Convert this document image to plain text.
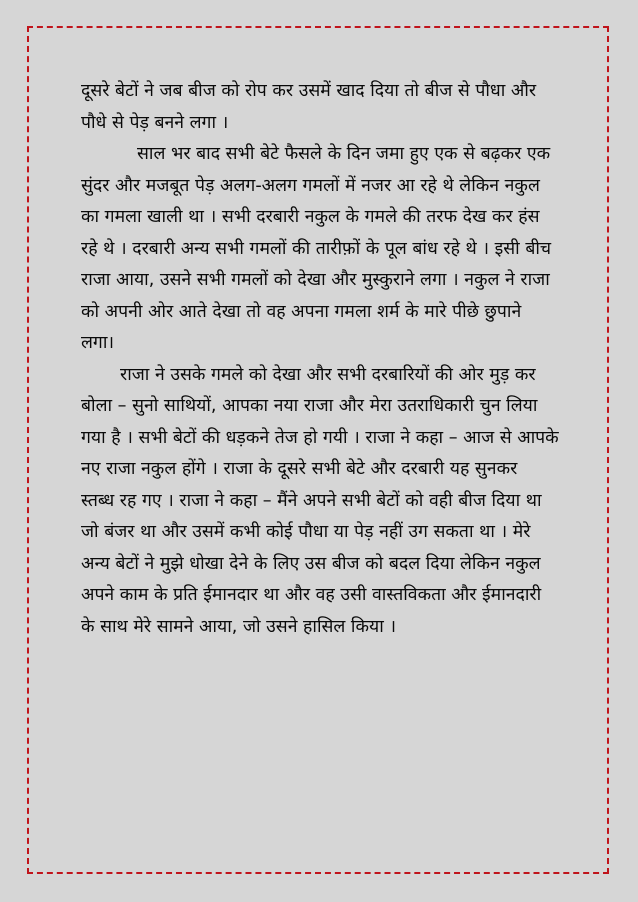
दूसरे बेटों ने जब बीज को रोप कर उसमें खाद दिया तो बीज से पौधा और

पौधे से पेड़ बनने लगा ।

साल भर बाद सभी बेटे फैसले के दिन जमा हुए एक से बढ़कर एक

सुंदर और मजबूत पेड़ अलग-अलग गमलों में नजर आ रहे थे लेकिन नकुल

का गमला खाली था । सभी दरबारी नकुल के गमले की तरफ देख कर हंस

रहे थे । दरबारी अन्य सभी गमलों की तारीफ़ों के पूल बांध रहे थे । इसी बीच

राजा आया, उसने सभी गमलों को देखा और मुस्कुराने लगा । नकुल ने राजा

को अपनी ओर आते देखा तो वह अपना गमला शर्म के मारे पीछे छुपाने

लगा।

राजा ने उसके गमले को देखा और सभी दरबारियों की ओर मुड़ कर

बोला – सुनो साथियों, आपका नया राजा और मेरा उतराधिकारी चुन लिया

गया है । सभी बेटों की धड़कने तेज हो गयी । राजा ने कहा – आज से आपके

नए राजा नकुल होंगे । राजा के दूसरे सभी बेटे और दरबारी यह सुनकर

स्तब्ध रह गए । राजा ने कहा – मैंने अपने सभी बेटों को वही बीज दिया था

जो बंजर था और उसमें कभी कोई पौधा या पेड़ नहीं उग सकता था । मेरे

अन्य बेटों ने मुझे धोखा देने के लिए उस बीज को बदल दिया लेकिन नकुल

अपने काम के प्रति ईमानदार था और वह उसी वास्तविकता और ईमानदारी

के साथ मेरे सामने आया, जो उसने हासिल किया ।
